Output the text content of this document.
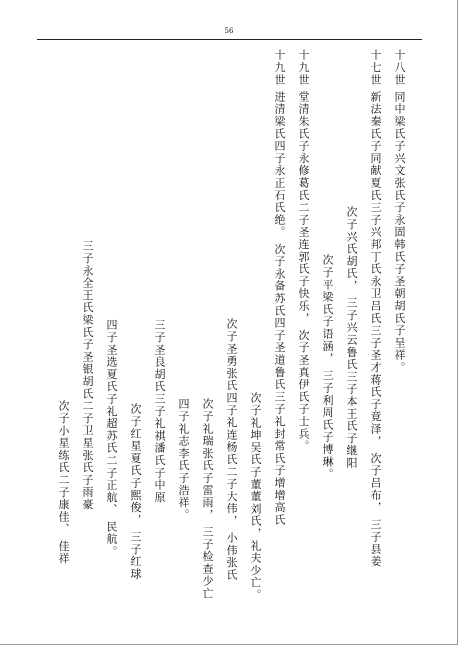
56
十八世 同中梁氏子兴文张氏子永固韩氏子圣朝胡氏子呈祥。
十七世 新法秦氏子同献夏氏三子兴邦丁氏永卫吕氏三子圣才蒋氏子竟泽， 次子吕布， 三子县姜
次子兴氏胡氏， 三子兴云鲁氏三子本王氏子继阳
次子平梁氏子语涵， 三子利周氏子博琳。
十九世 堂清朱氏子永修葛氏二子圣连郭氏子快乐， 次子圣真伊氏子士兵。
十九世 进清梁氏四子永正石氏绝。 次子永备苏氏四子圣道鲁氏三子礼封常氏子增增高氏
次子礼坤吴氏子董董刘氏，礼夫少亡。
次子圣勇张氏四子礼连杨氏二子大伟， 小伟张氏
次子礼瑞张氏子雷雨， 三子检查少亡
四子礼志李氏子浩祥。
三子圣良胡氏三子礼祺潘氏子中原
次子红星夏氏子熙俊， 三子红球
四子圣选夏氏子礼超苏氏二子正航、 民航。
三子永全王氏梁氏子圣银胡氏二子卫星张氏子雨豪
次子小星练氏二子康佳、 佳祥
